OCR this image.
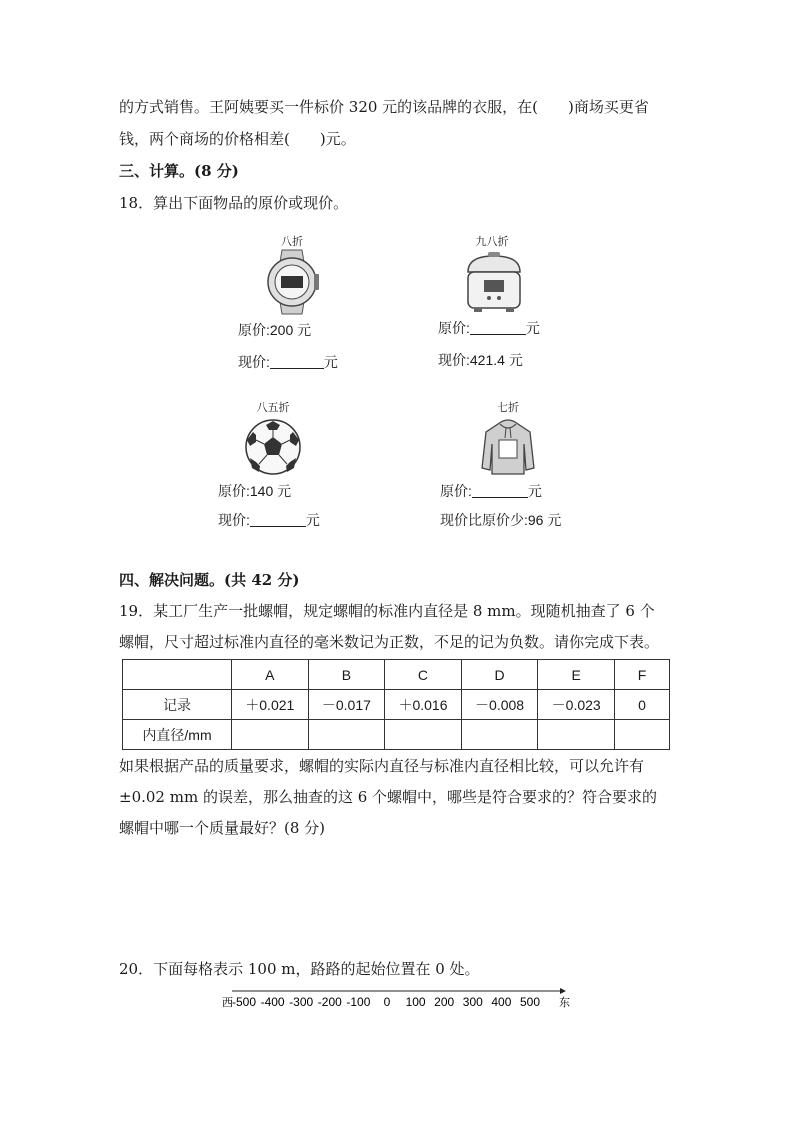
的方式销售。王阿姨要买一件标价 320 元的该品牌的衣服，在(　　)商场买更省
钱，两个商场的价格相差(　　)元。
三、计算。(8 分)
18．算出下面物品的原价或现价。
八折
原价:200 元
现价:	元
九八折
原价:	元
现价:421.4 元
八五折
原价:140 元
现价:	元
七折
原价:	元
现价比原价少:96 元
四、解决问题。(共 42 分)
19．某工厂生产一批螺帽，规定螺帽的标准内直径是 8 mm。现随机抽查了 6 个
螺帽，尺寸超过标准内直径的毫米数记为正数，不足的记为负数。请你完成下表。
	A	B	C	D	E	F
记录	＋0.021	－0.017	＋0.016	－0.008	－0.023	0
内直径/mm						
如果根据产品的质量要求，螺帽的实际内直径与标准内直径相比较，可以允许有
±0.02 mm 的误差，那么抽查的这 6 个螺帽中，哪些是符合要求的？符合要求的
螺帽中哪一个质量最好？(8 分)
20．下面每格表示 100 m，路路的起始位置在 0 处。
-500 -400 -300 -200 -100 0 100 200 300 400 500
西	东
